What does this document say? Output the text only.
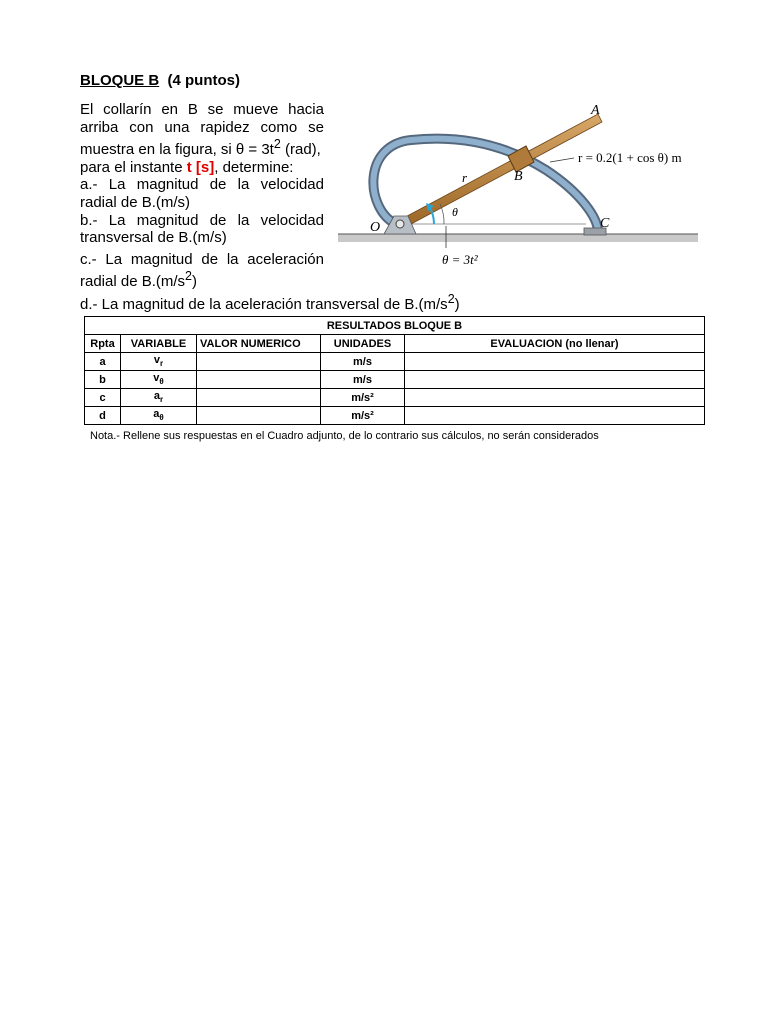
BLOQUE B (4 puntos)
El collarín en B se mueve hacia
arriba con una rapidez como se
muestra en la figura, si $\theta = 3t^2$ (rad),
para el instante t [s], determine:
a.- La magnitud de la velocidad
radial de B.(m/s)
b.- La magnitud de la velocidad
transversal de B.(m/s)
c.- La magnitud de la aceleración
radial de $B.(m/s^2)$
d.- La magnitud de la aceleración transversal de $B.(m/s^2)$
A
B
C
O
r
θ
r = 0.2(1 + cos θ) m
θ = 3t²
RESULTADOS BLOQUE B				
Rpta	VARIABLE	VALOR NUMERICO	UNIDADES	EVALUACION (no llenar)
a	$v_r$		m/s	
b	$v_\theta$		m/s	
c	$a_r$		m/s²	
d	$a_\theta$		m/s²	
Nota.- Rellene sus respuestas en el Cuadro adjunto, de lo contrario sus cálculos, no serán considerados
